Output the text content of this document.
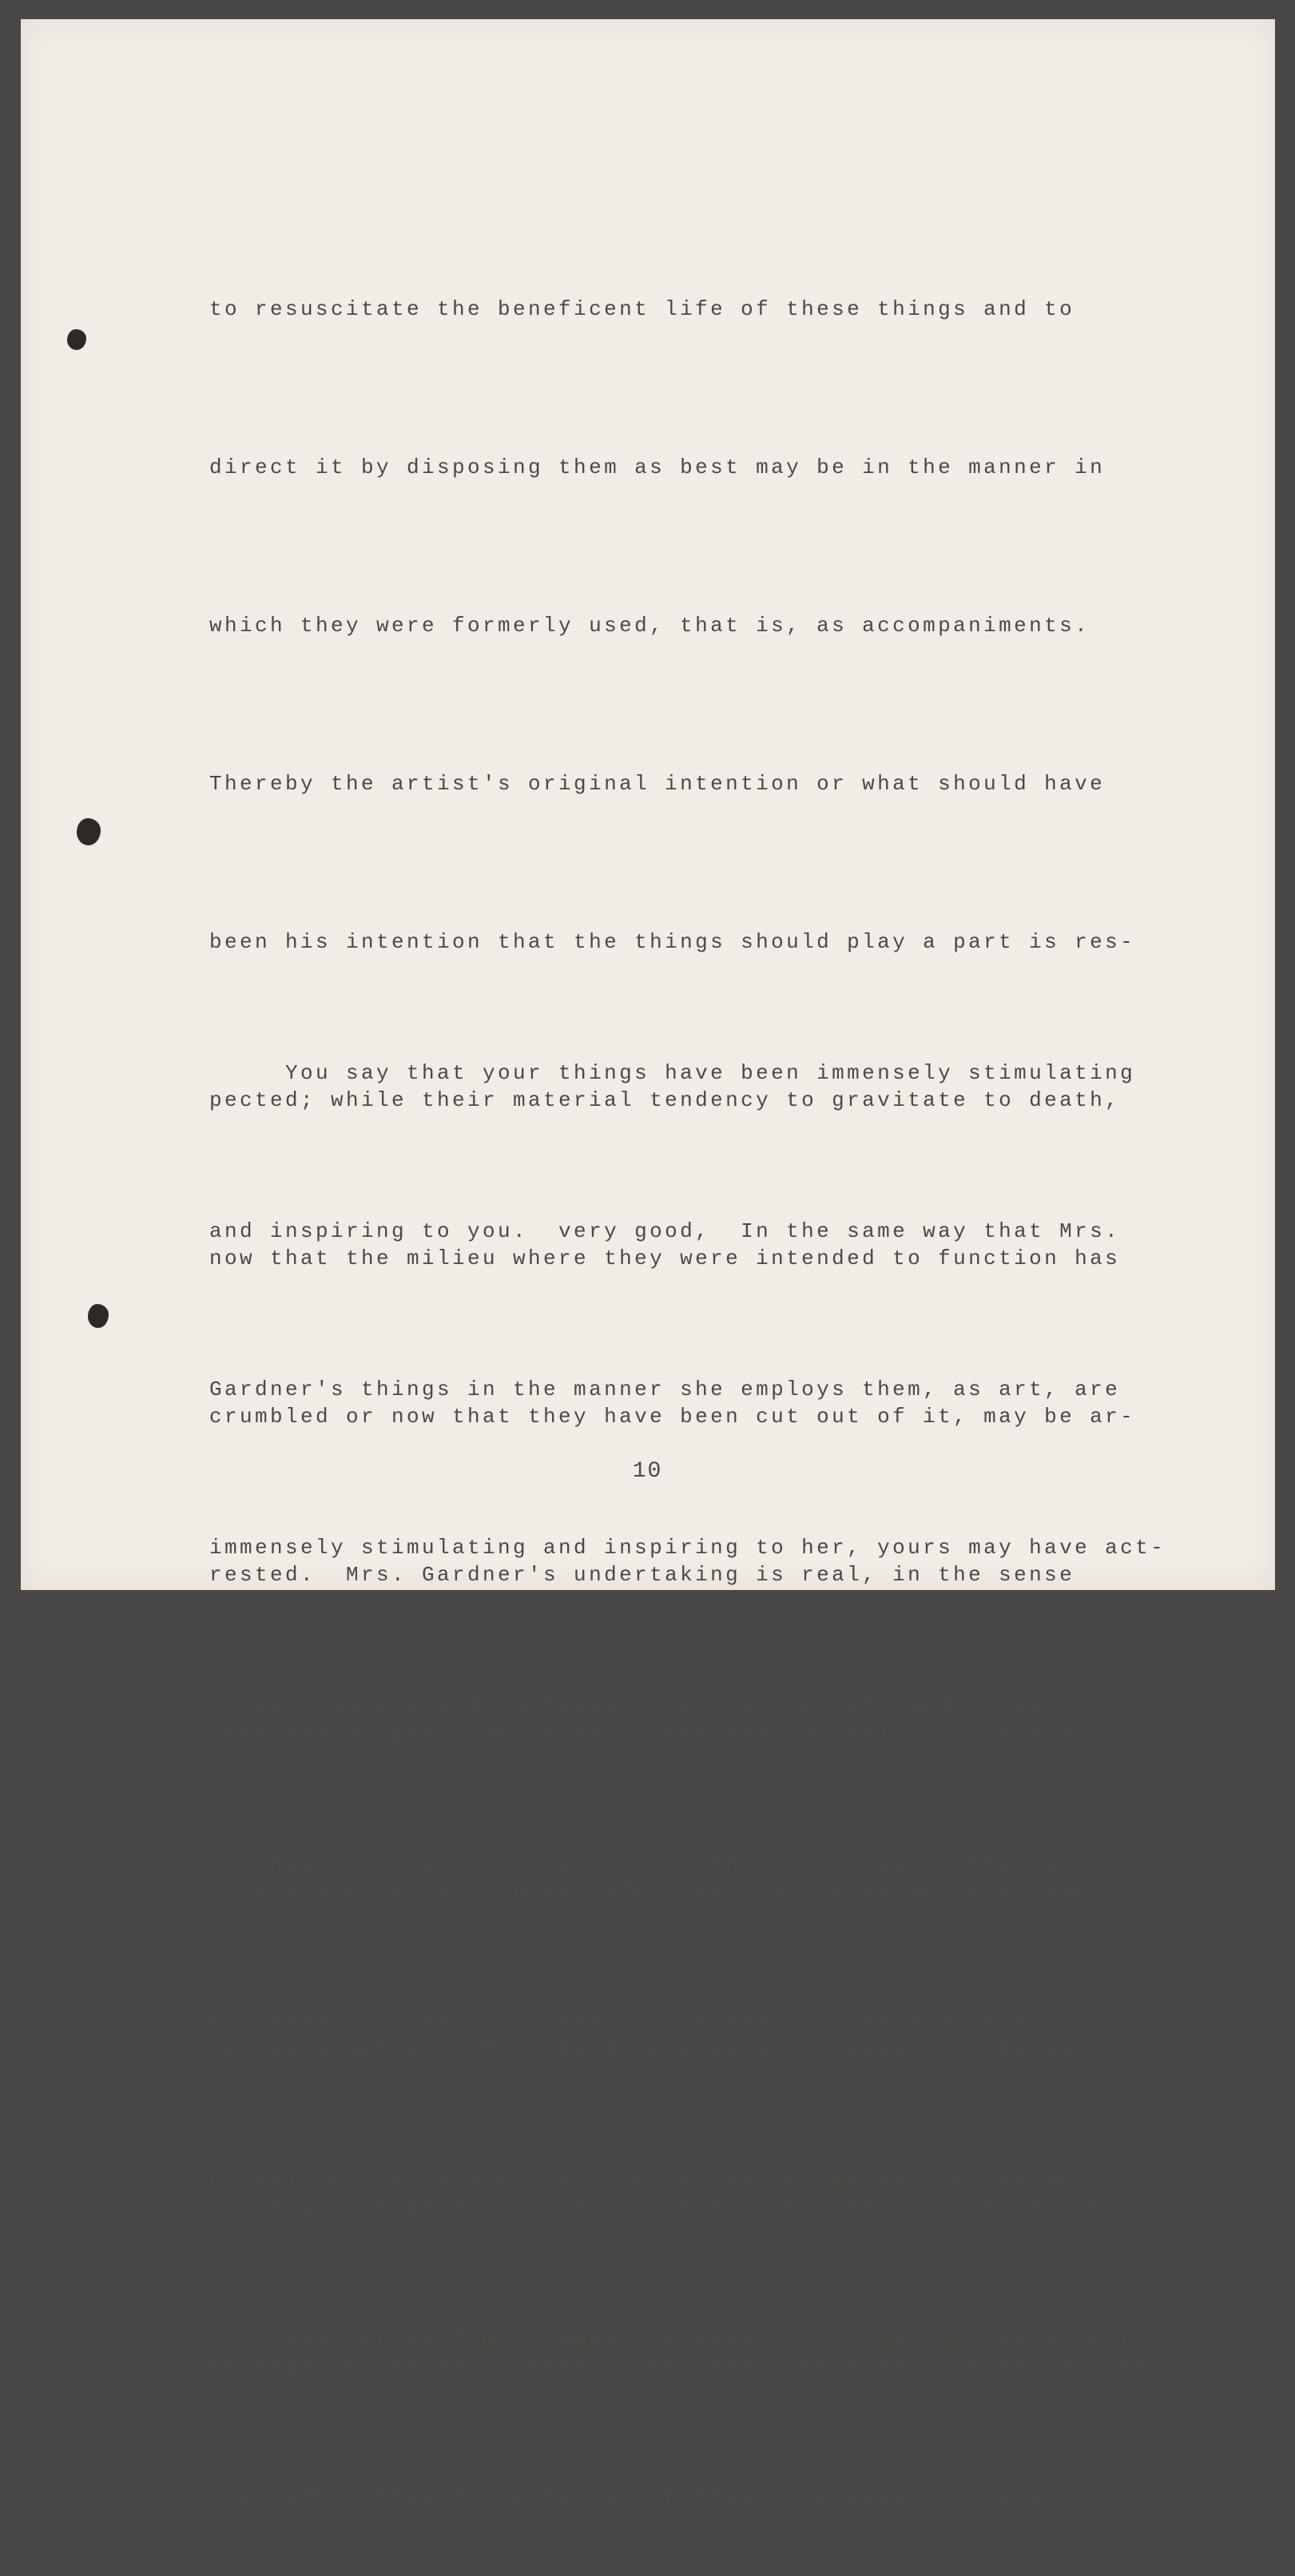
to resuscitate the beneficent life of these things and to

direct it by disposing them as best may be in the manner in

which they were formerly used, that is, as accompaniments.

Thereby the artist's original intention or what should have

been his intention that the things should play a part is res-

pected; while their material tendency to gravitate to death,

now that the milieu where they were intended to function has

crumbled or now that they have been cut out of it, may be ar-

rested.  Mrs. Gardner's undertaking is real, in the sense

that the disposition of her house does actually sustain and

facilitate her action in life.  For anyone except Mrs. Gard-

ner personally or Mrs. Gardner's personal visitors, Fenway

Court is but another museum.  If Mrs. Gardner's task were to

be regarded as vain, then indeed the battle of objects is lost.

You say that your things have been immensely stimulating

and inspiring to you.  very good,  In the same way that Mrs.

Gardner's things in the manner she employs them, as art, are

immensely stimulating and inspiring to her, yours may have act-

ed in creating and sustaining your states of mind.  You must

not however conclude too readily that in a museum they will do

for others as things, what as art they may have done for you.

Casual things in a house disposed to become sources of spirit-

ual color or perfume (however inadequately they may serve for

ends other than those for which they were designed) are one

10
